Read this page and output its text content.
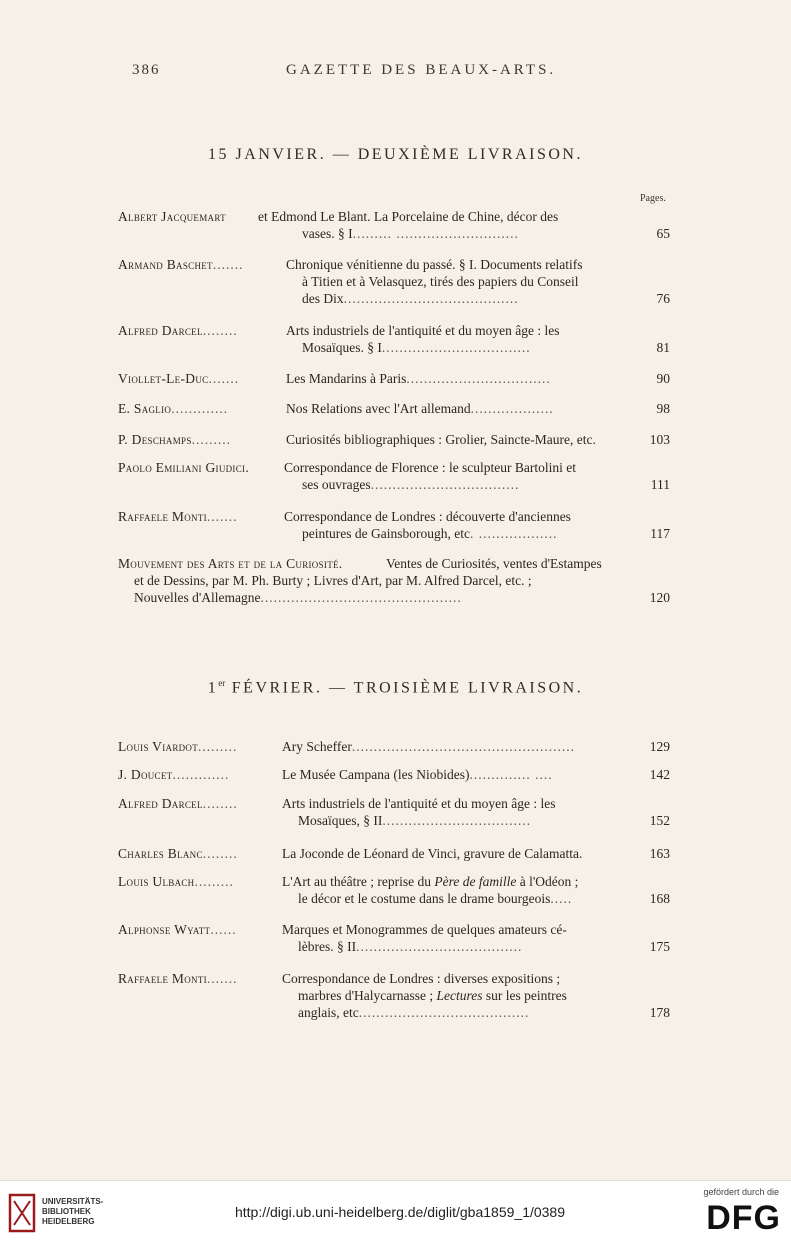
386	GAZETTE DES BEAUX-ARTS.
15 JANVIER. — DEUXIÈME LIVRAISON.
Pages.
Albert Jacquemart et Edmond Le Blant. La Porcelaine de Chine, décor des
vases. § I......... ............................	65
Armand Baschet.......	Chronique vénitienne du passé. § I. Documents relatifs
à Titien et à Velasquez, tirés des papiers du Conseil
des Dix........................................	76
Alfred Darcel........	Arts industriels de l'antiquité et du moyen âge : les
Mosaïques. § I..................................	81
Viollet-Le-Duc.......	Les Mandarins à Paris.................................	90
E. Saglio.............	Nos Relations avec l'Art allemand...................	98
P. Deschamps.........	Curiosités bibliographiques : Grolier, Saincte-Maure, etc.	103
Paolo Emiliani Giudici.	Correspondance de Florence : le sculpteur Bartolini et
ses ouvrages..................................	111
Raffaele Monti.......	Correspondance de Londres : découverte d'anciennes
peintures de Gainsborough, etc. ..................	117
Mouvement des Arts et de la Curiosité.	Ventes de Curiosités, ventes d'Estampes
et de Dessins, par M. Ph. Burty ; Livres d'Art, par M. Alfred Darcel, etc. ;
Nouvelles d'Allemagne..............................................	120
1er FÉVRIER. — TROISIÈME LIVRAISON.
Louis Viardot.........	Ary Scheffer...................................................	129
J. Doucet.............	Le Musée Campana (les Niobides).............. ....	142
Alfred Darcel........	Arts industriels de l'antiquité et du moyen âge : les
Mosaïques, § II..................................	152
Charles Blanc........	La Joconde de Léonard de Vinci, gravure de Calamatta.	163
Louis Ulbach.........	L'Art au théâtre ; reprise du Père de famille à l'Odéon ;
le décor et le costume dans le drame bourgeois.....	168
Alphonse Wyatt......	Marques et Monogrammes de quelques amateurs cé-
lèbres. § II......................................	175
Raffaele Monti.......	Correspondance de Londres : diverses expositions ;
marbres d'Halycarnasse ; Lectures sur les peintres
anglais, etc.......................................	178
UNIVERSITÄTS-
BIBLIOTHEK
HEIDELBERG
http://digi.ub.uni-heidelberg.de/diglit/gba1859_1/0389
gefördert durch die
DFG
